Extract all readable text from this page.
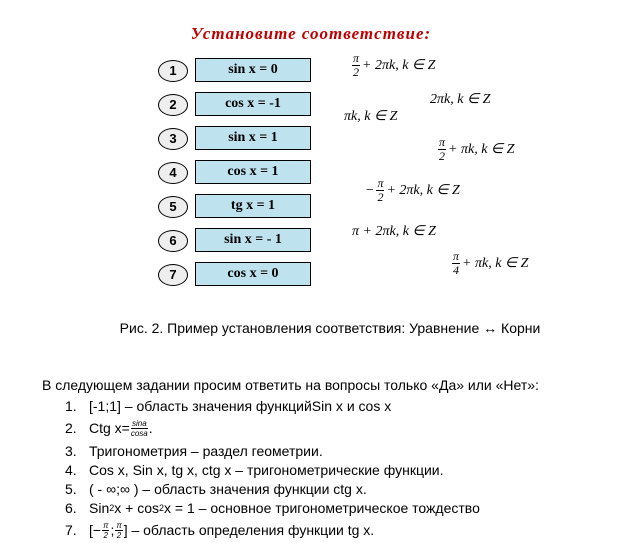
Установите соответствие:
1	sin x = 0
2	cos x = -1
3	sin x = 1
4	cos x = 1
5	tg x = 1
6	sin x = - 1
7	cos x = 0
$\frac{\pi}{2} + 2\pi k$, k ∈ Z
2πk, k ∈ Z
πk, k ∈ Z
$\frac{\pi}{2} + \pi k$, k ∈ Z
− $\frac{\pi}{2} + 2\pi k$, k ∈ Z
π + 2πk, k ∈ Z
$\frac{\pi}{4} + \pi k$, k ∈ Z
Рис. 2. Пример установления соответствия: Уравнение ↔ Корни
В следующем задании просим ответить на вопросы только «Да» или «Нет»:
1. [-1;1] – область значения функцийSin x и cos x
2. Ctg $x= \frac{\sin a}{\cos a}$ .
3. Тригонометрия – раздел геометрии.
4. Cos x, Sin x, tg x, ctg x – тригонометрические функции.
5. ( - ∞;∞ ) – область значения функции ctg x.
6. Sin 2 x + cos 2 x = 1 – основное тригонометрическое тождество
7. [− $\frac{\pi}{2}$ ; π
2 ] – область определения функции tg x.
